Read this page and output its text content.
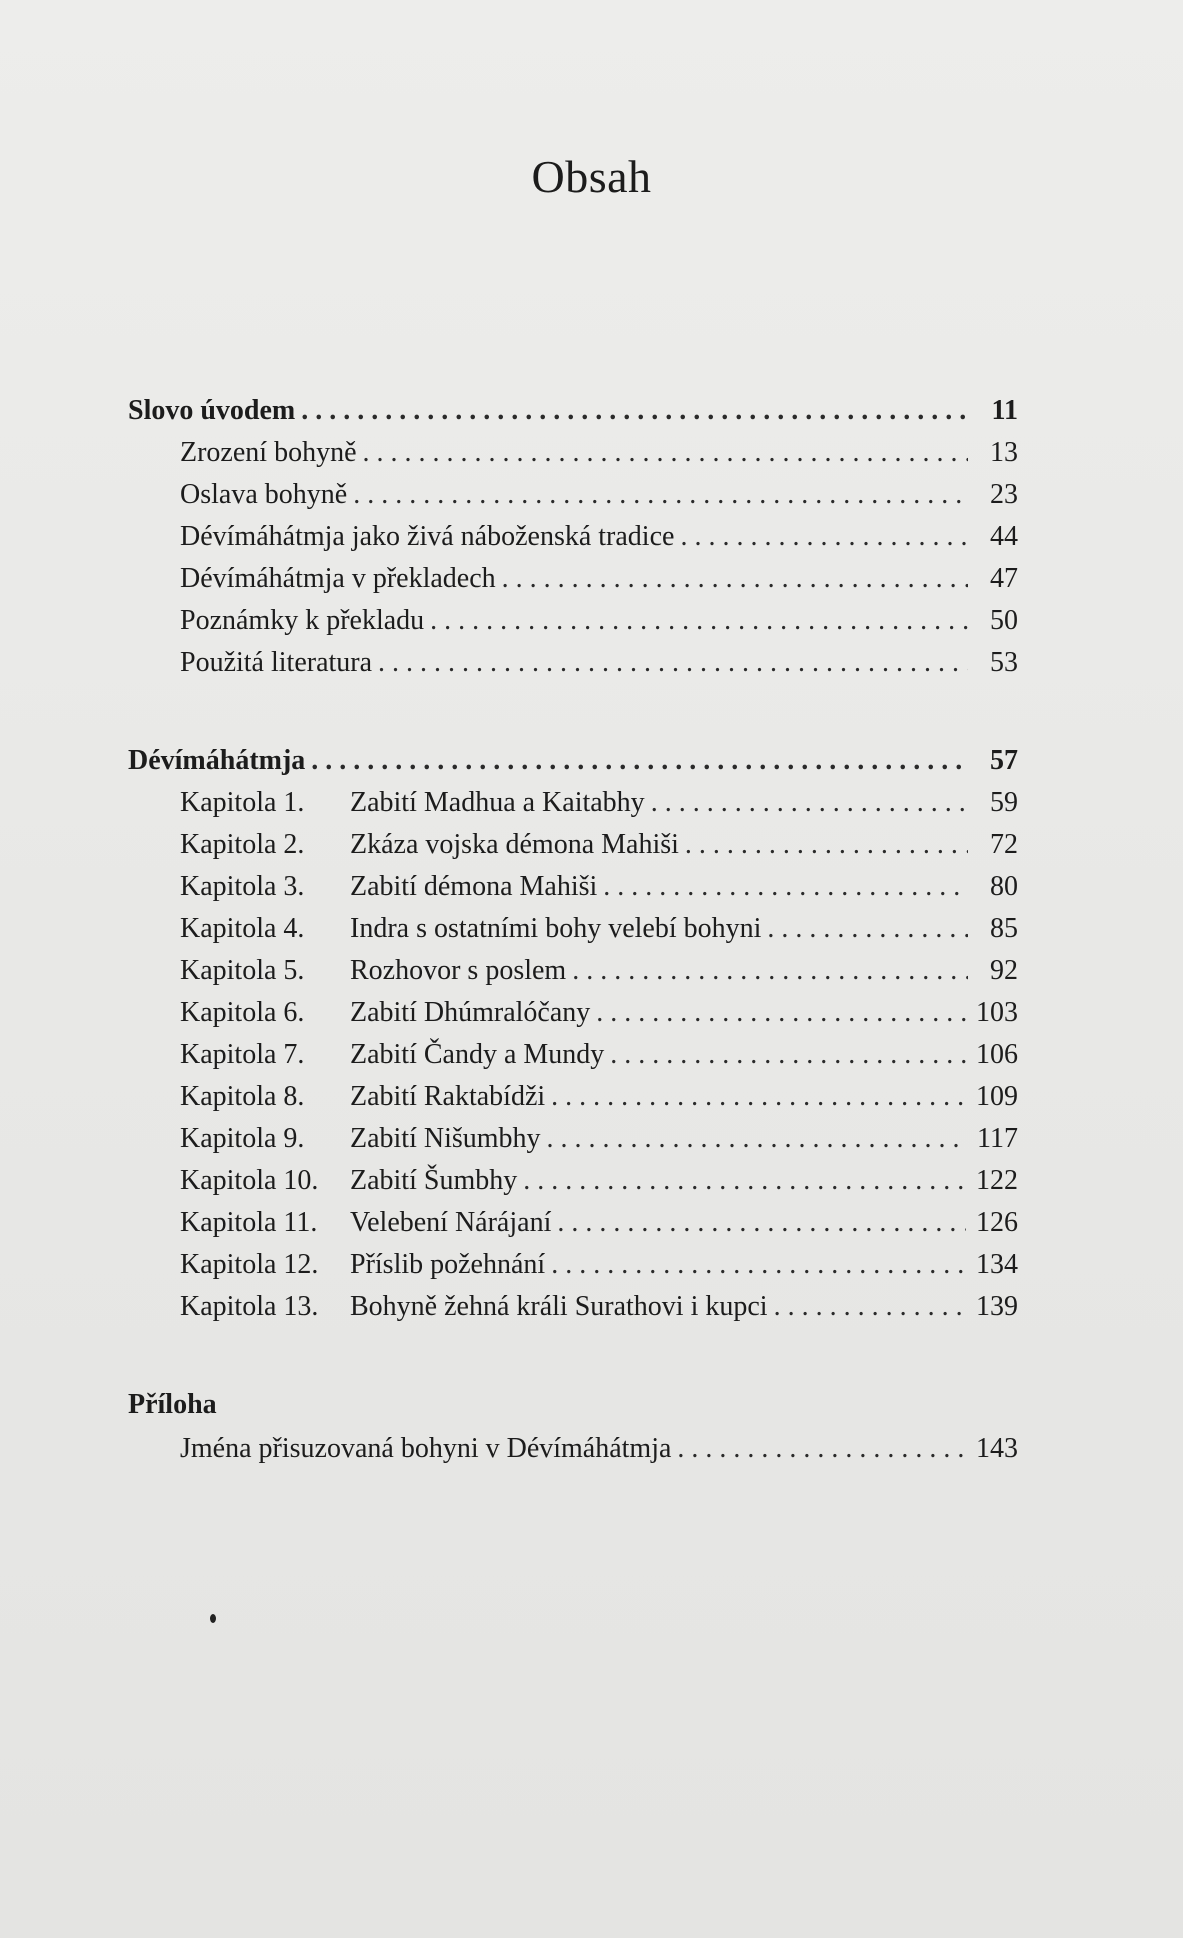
Obsah
Slovo úvodem . . .	11
Zrození bohyně . . .	13
Oslava bohyně . . .	23
Dévímáhátmja jako živá náboženská tradice . . .	44
Dévímáhátmja v překladech . . .	47
Poznámky k překladu . . .	50
Použitá literatura . . .	53
Dévímáhátmja . . .	57
Kapitola 1.	Zabití Madhua a Kaitabhy . . .	59
Kapitola 2.	Zkáza vojska démona Mahiši . . .	72
Kapitola 3.	Zabití démona Mahiši . . .	80
Kapitola 4.	Indra s ostatními bohy velebí bohyni . . .	85
Kapitola 5.	Rozhovor s poslem . . .	92
Kapitola 6.	Zabití Dhúmralóčany . . .	103
Kapitola 7.	Zabití Čandy a Mundy . . .	106
Kapitola 8.	Zabití Raktabídži . . .	109
Kapitola 9.	Zabití Nišumbhy . . .	117
Kapitola 10.	Zabití Šumbhy . . .	122
Kapitola 11.	Velebení Nárájaní . . .	126
Kapitola 12.	Příslib požehnání . . .	134
Kapitola 13.	Bohyně žehná králi Surathovi i kupci . . .	139
Příloha
Jména přisuzovaná bohyni v Dévímáhátmja . . .	143
